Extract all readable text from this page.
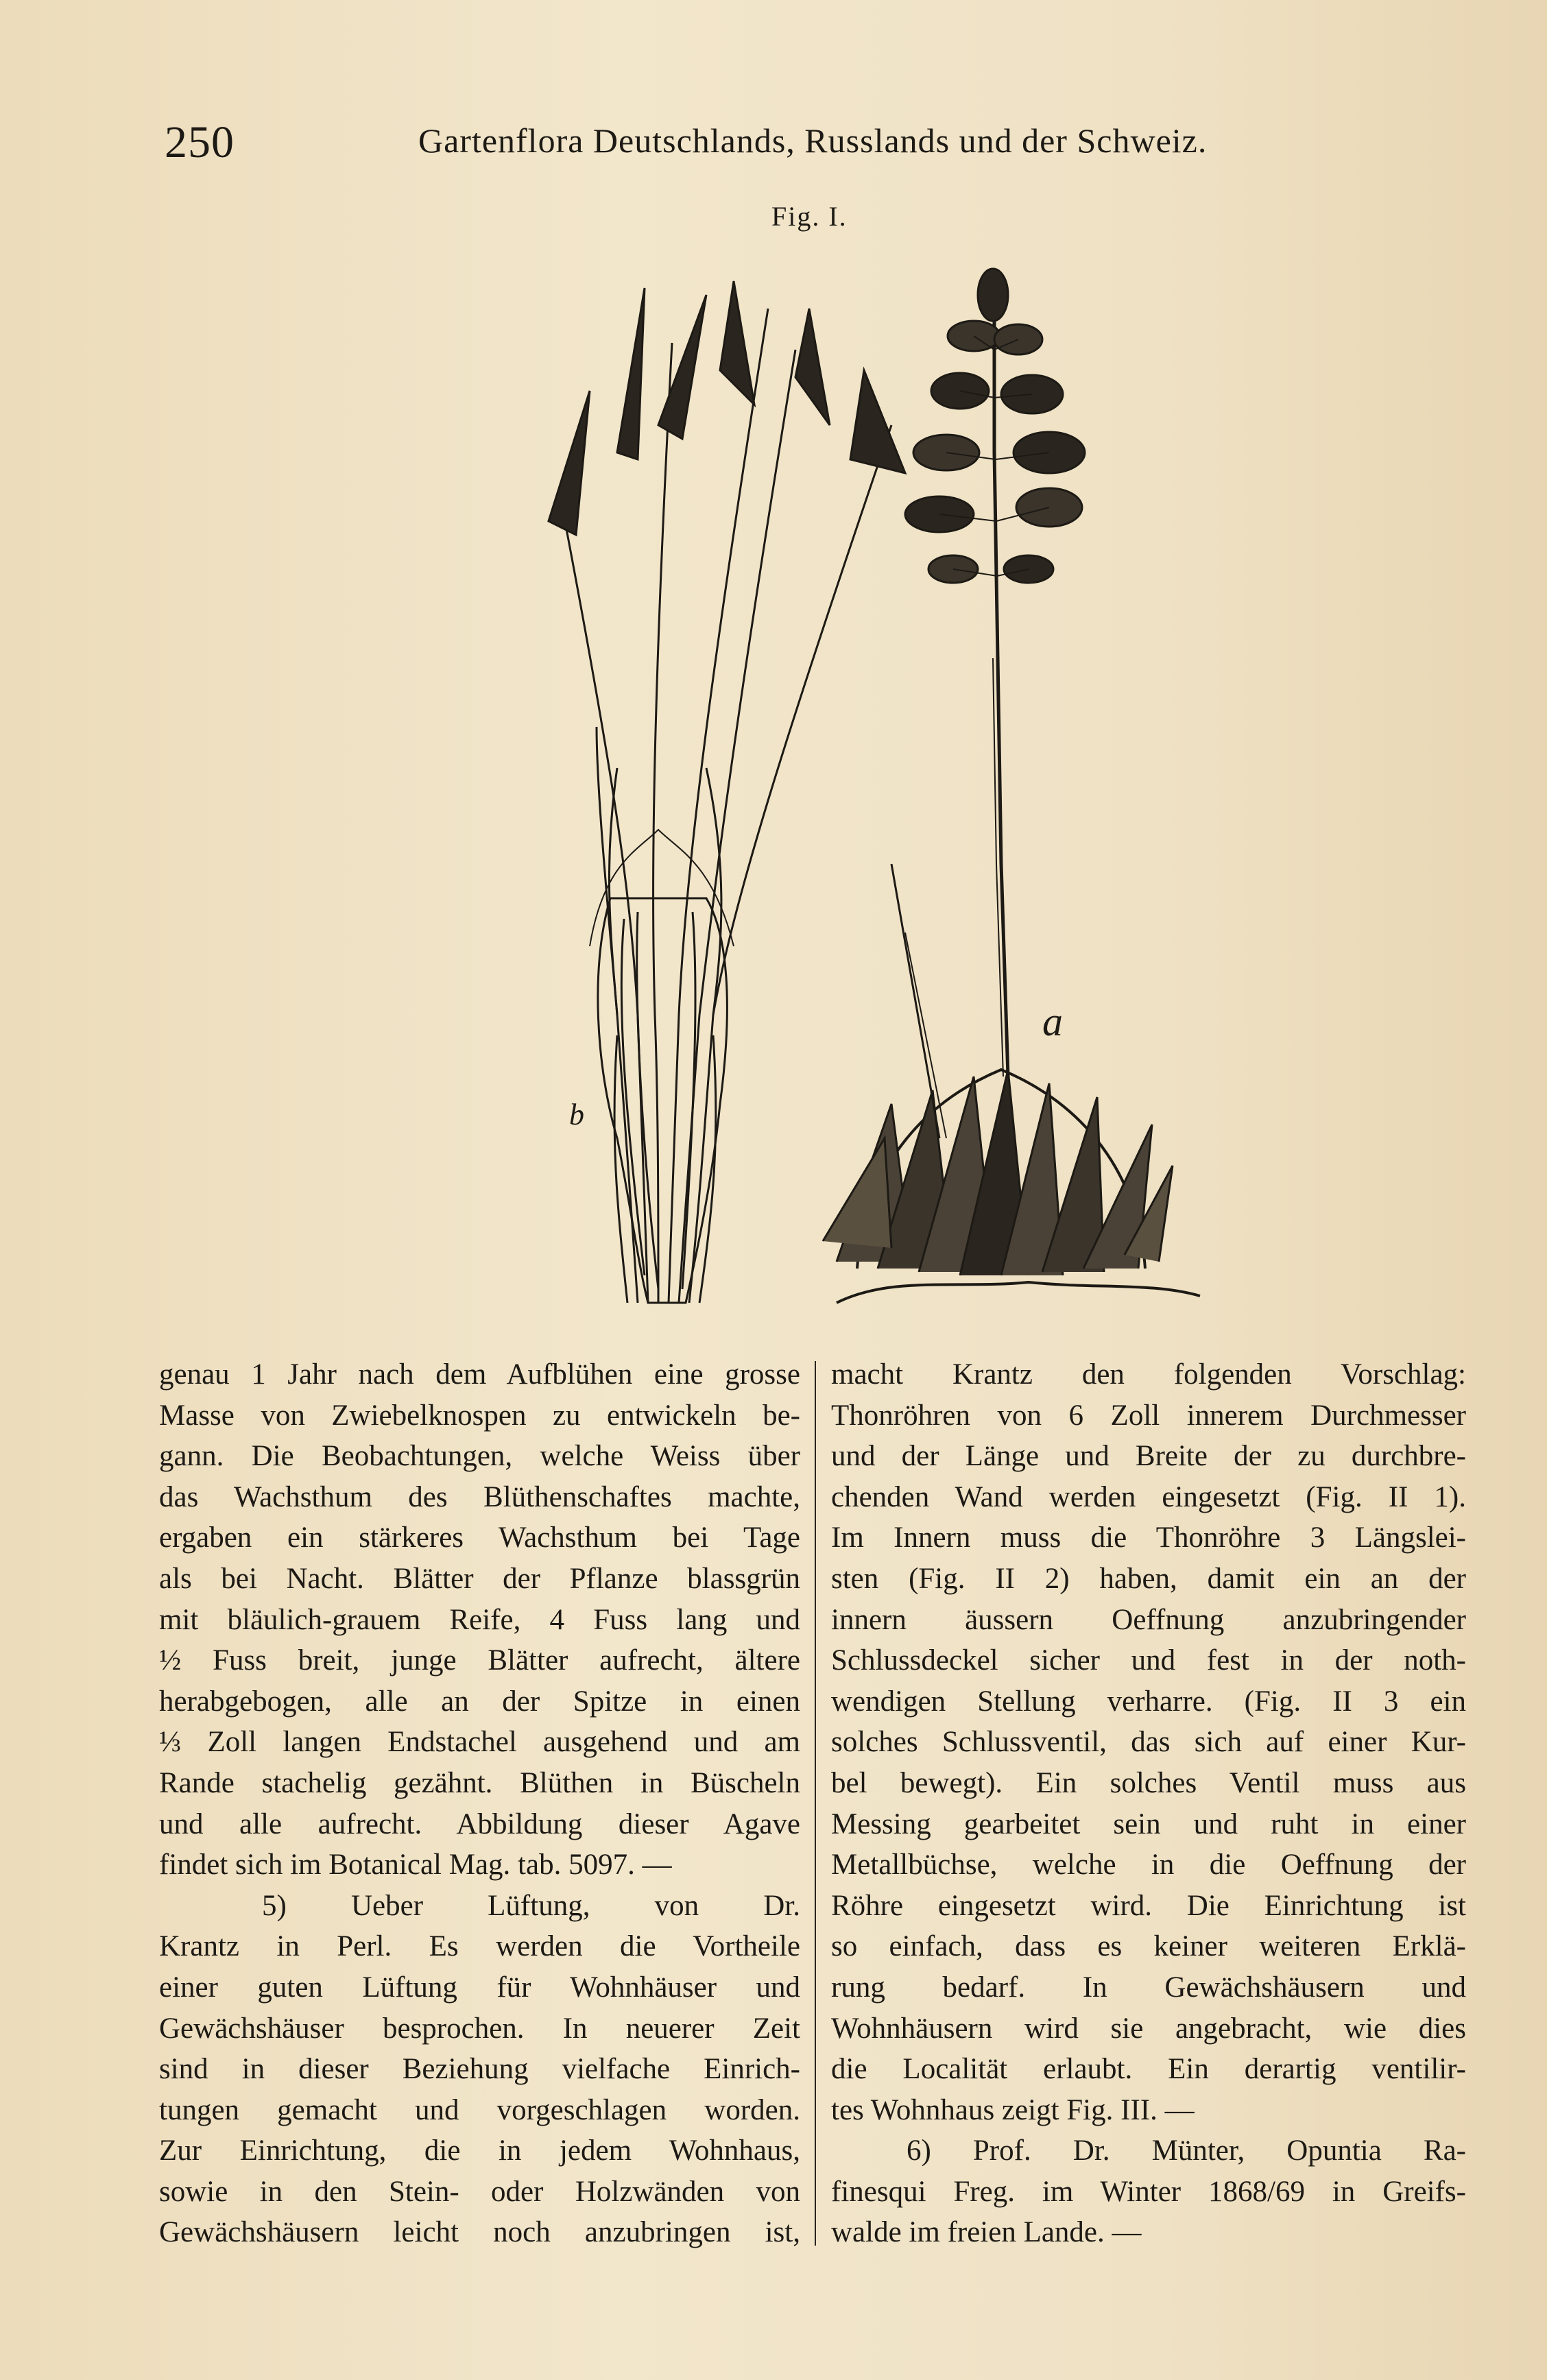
250	Gartenflora Deutschlands, Russlands und der Schweiz.
Fig. I.
b
a
genau 1 Jahr nach dem Aufblühen eine grosse
Masse von Zwiebelknospen zu entwickeln be-
gann. Die Beobachtungen, welche Weiss über
das Wachsthum des Blüthenschaftes machte,
ergaben ein stärkeres Wachsthum bei Tage
als bei Nacht. Blätter der Pflanze blassgrün
mit bläulich-grauem Reife, 4 Fuss lang und
½ Fuss breit, junge Blätter aufrecht, ältere
herabgebogen, alle an der Spitze in einen
⅓ Zoll langen Endstachel ausgehend und am
Rande stachelig gezähnt. Blüthen in Büscheln
und alle aufrecht. Abbildung dieser Agave
findet sich im Botanical Mag. tab. 5097. —
5) Ueber Lüftung, von Dr.
Krantz in Perl. Es werden die Vortheile
einer guten Lüftung für Wohnhäuser und
Gewächshäuser besprochen. In neuerer Zeit
sind in dieser Beziehung vielfache Einrich-
tungen gemacht und vorgeschlagen worden.
Zur Einrichtung, die in jedem Wohnhaus,
sowie in den Stein- oder Holzwänden von
Gewächshäusern leicht noch anzubringen ist,
macht Krantz den folgenden Vorschlag:
Thonröhren von 6 Zoll innerem Durchmesser
und der Länge und Breite der zu durchbre-
chenden Wand werden eingesetzt (Fig. II 1).
Im Innern muss die Thonröhre 3 Längslei-
sten (Fig. II 2) haben, damit ein an der
innern äussern Oeffnung anzubringender
Schlussdeckel sicher und fest in der noth-
wendigen Stellung verharre. (Fig. II 3 ein
solches Schlussventil, das sich auf einer Kur-
bel bewegt). Ein solches Ventil muss aus
Messing gearbeitet sein und ruht in einer
Metallbüchse, welche in die Oeffnung der
Röhre eingesetzt wird. Die Einrichtung ist
so einfach, dass es keiner weiteren Erklä-
rung bedarf. In Gewächshäusern und
Wohnhäusern wird sie angebracht, wie dies
die Localität erlaubt. Ein derartig ventilir-
tes Wohnhaus zeigt Fig. III. —
6) Prof. Dr. Münter, Opuntia Ra-
finesqui Freg. im Winter 1868/69 in Greifs-
walde im freien Lande. —
